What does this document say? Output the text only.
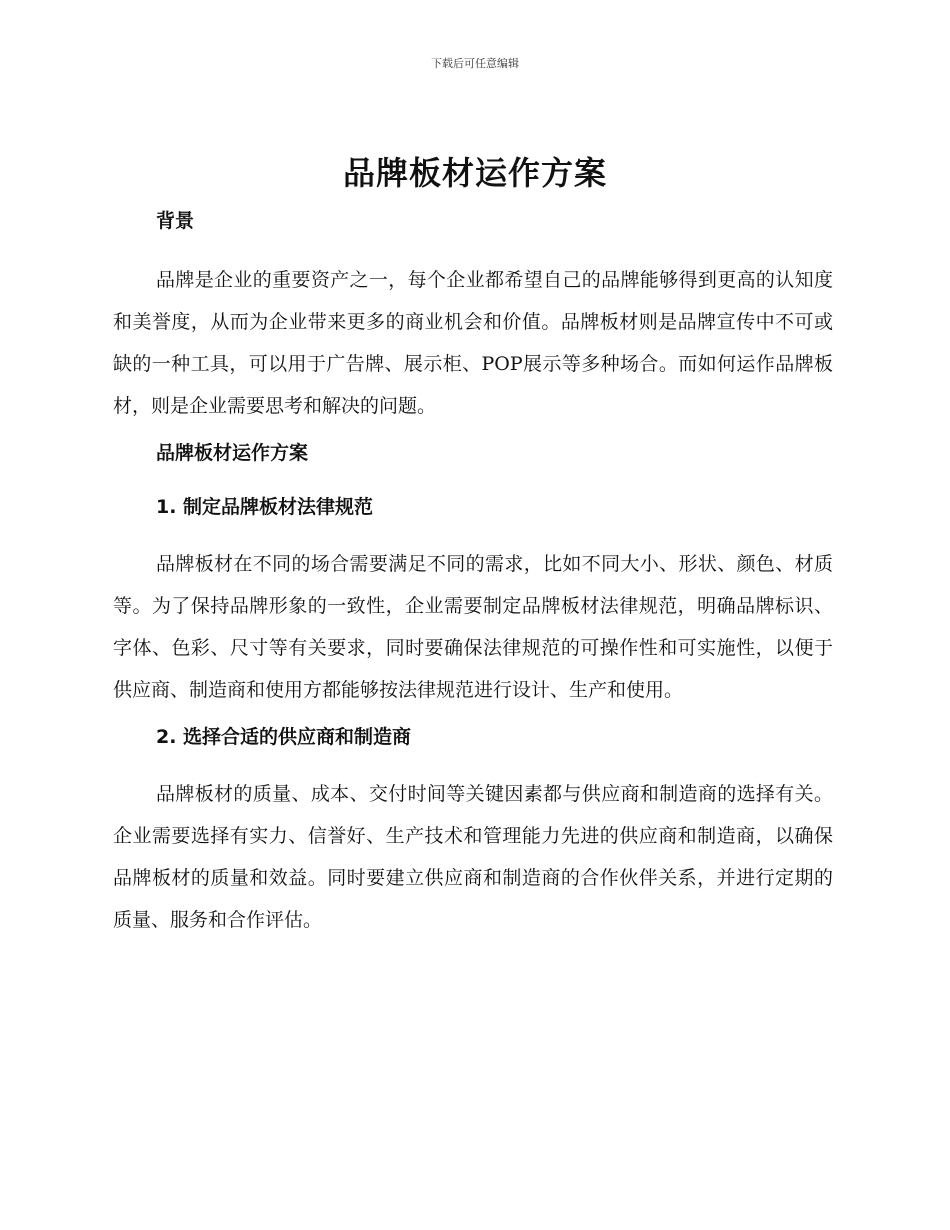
下载后可任意编辑
品牌板材运作方案

背景

品牌是企业的重要资产之一，每个企业都希望自己的品牌能够得到更高的认知度和美誉度，从而为企业带来更多的商业机会和价值。品牌板材则是品牌宣传中不可或缺的一种工具，可以用于广告牌、展示柜、POP展示等多种场合。而如何运作品牌板材，则是企业需要思考和解决的问题。

品牌板材运作方案

1. 制定品牌板材法律规范

品牌板材在不同的场合需要满足不同的需求，比如不同大小、形状、颜色、材质等。为了保持品牌形象的一致性，企业需要制定品牌板材法律规范，明确品牌标识、字体、色彩、尺寸等有关要求，同时要确保法律规范的可操作性和可实施性，以便于供应商、制造商和使用方都能够按法律规范进行设计、生产和使用。

2. 选择合适的供应商和制造商

品牌板材的质量、成本、交付时间等关键因素都与供应商和制造商的选择有关。企业需要选择有实力、信誉好、生产技术和管理能力先进的供应商和制造商，以确保品牌板材的质量和效益。同时要建立供应商和制造商的合作伙伴关系，并进行定期的质量、服务和合作评估。
